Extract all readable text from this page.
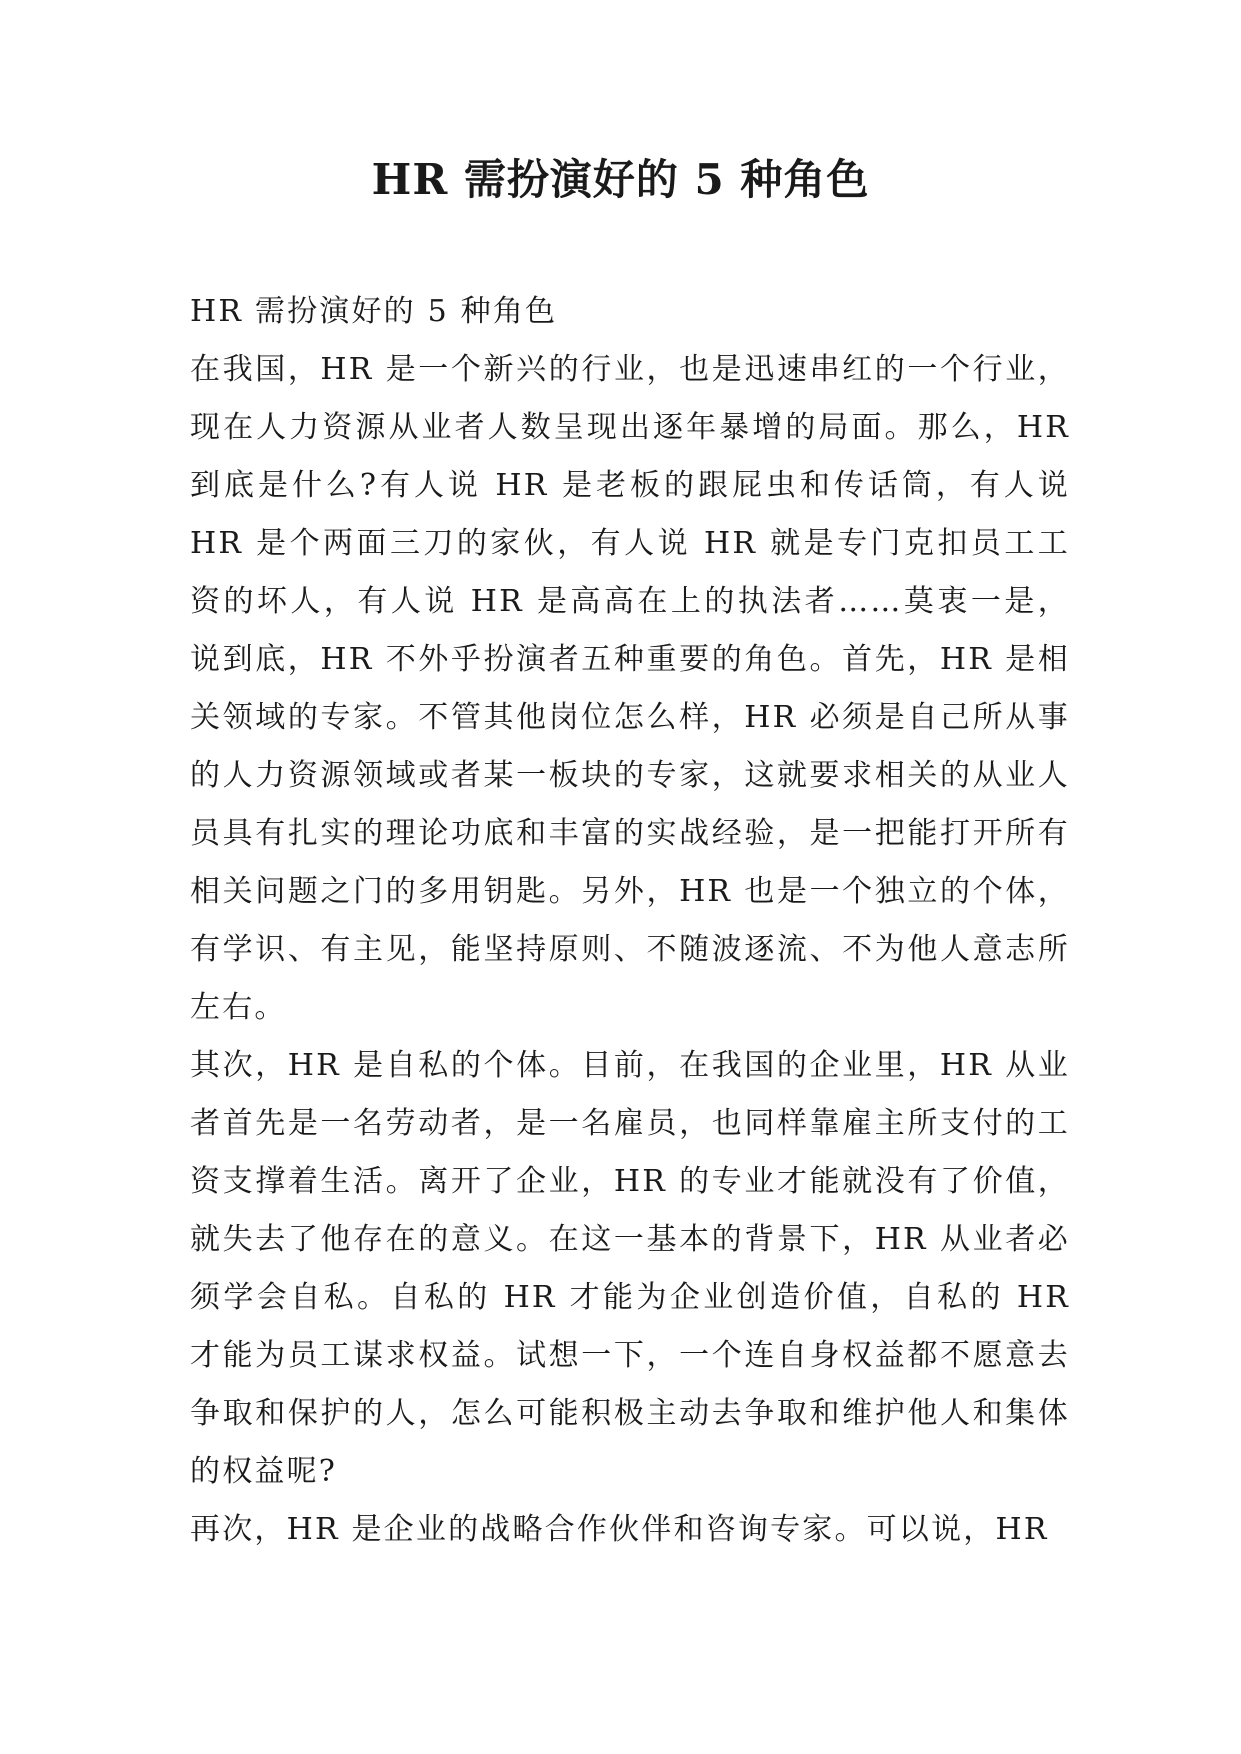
HR 需扮演好的 5 种角色

HR 需扮演好的 5 种角色

在我国，HR 是一个新兴的行业，也是迅速串红的一个行业，现在人力资源从业者人数呈现出逐年暴增的局面。那么，HR 到底是什么?有人说 HR 是老板的跟屁虫和传话筒，有人说 HR 是个两面三刀的家伙，有人说 HR 就是专门克扣员工工资的坏人，有人说 HR 是高高在上的执法者……莫衷一是，说到底，HR 不外乎扮演者五种重要的角色。首先，HR 是相关领域的专家。不管其他岗位怎么样，HR 必须是自己所从事的人力资源领域或者某一板块的专家，这就要求相关的从业人员具有扎实的理论功底和丰富的实战经验，是一把能打开所有相关问题之门的多用钥匙。另外，HR 也是一个独立的个体，有学识、有主见，能坚持原则、不随波逐流、不为他人意志所左右。

其次，HR 是自私的个体。目前，在我国的企业里，HR 从业者首先是一名劳动者，是一名雇员，也同样靠雇主所支付的工资支撑着生活。离开了企业，HR 的专业才能就没有了价值，就失去了他存在的意义。在这一基本的背景下，HR 从业者必须学会自私。自私的 HR 才能为企业创造价值，自私的 HR 才能为员工谋求权益。试想一下，一个连自身权益都不愿意去争取和保护的人，怎么可能积极主动去争取和维护他人和集体的权益呢?

再次，HR 是企业的战略合作伙伴和咨询专家。可以说，HR
